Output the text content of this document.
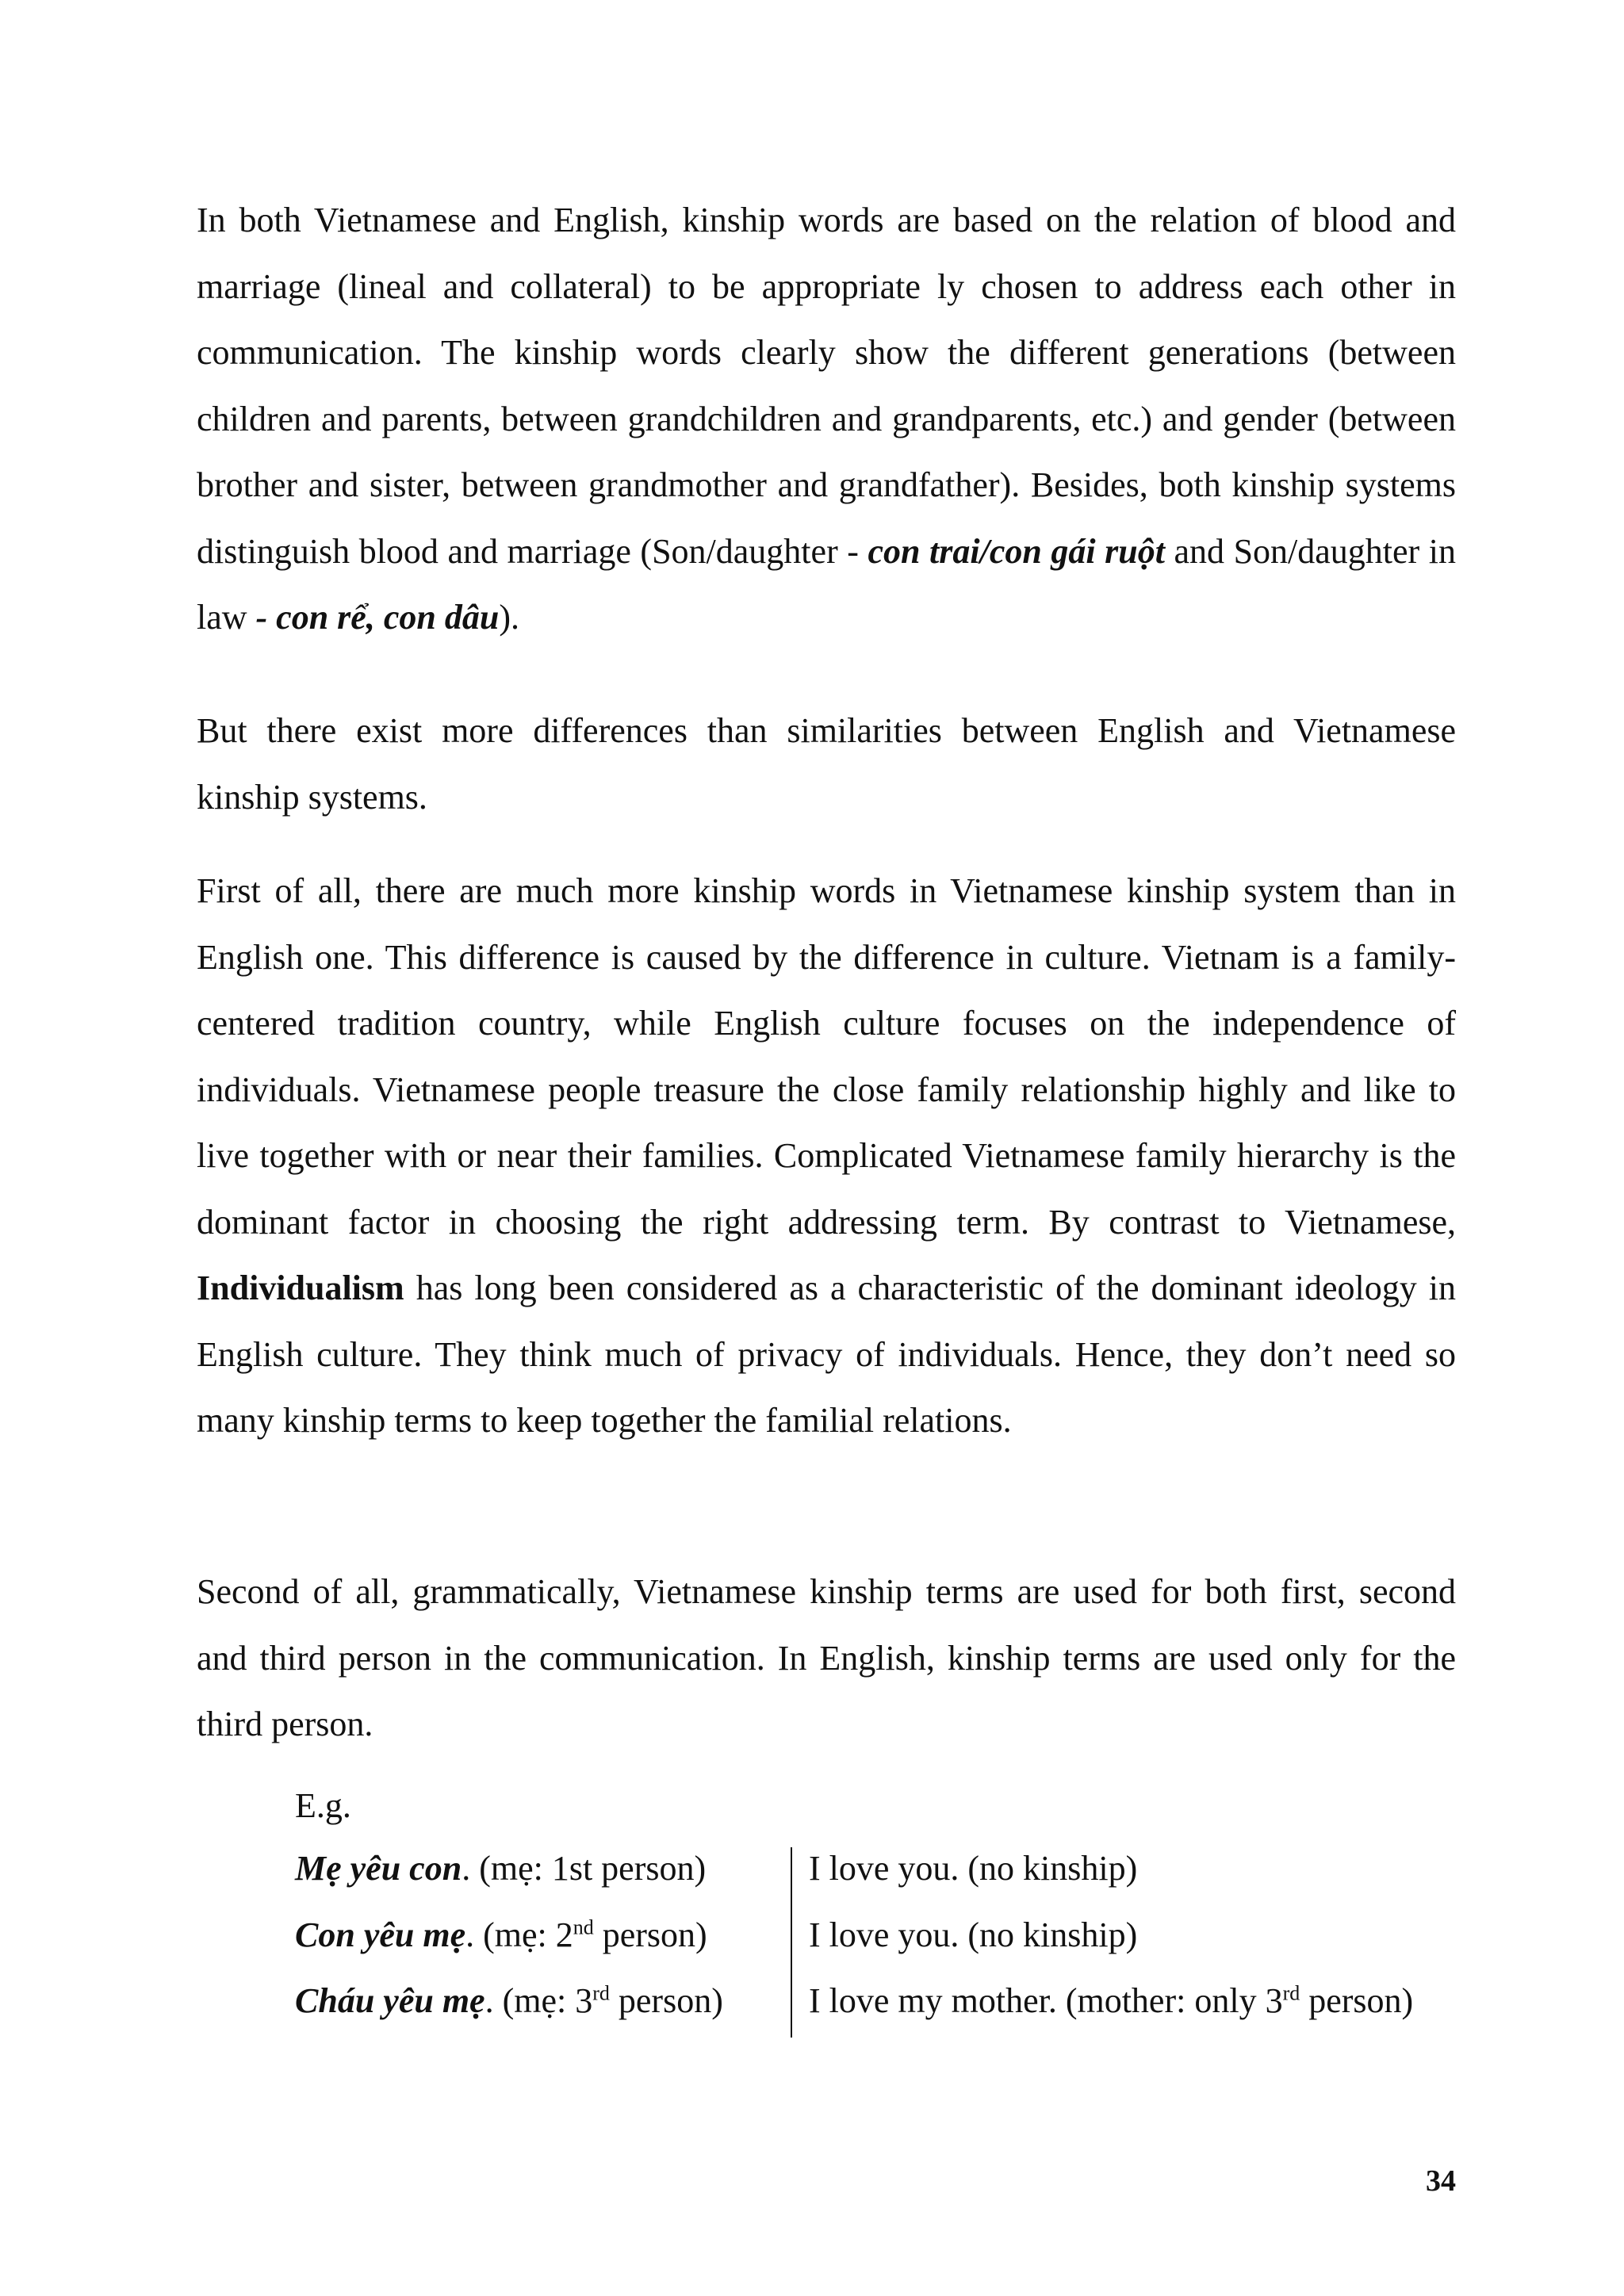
In both Vietnamese and English, kinship words are based on the relation of blood and marriage (lineal and collateral) to be appropriate ly chosen to address each other in communication. The kinship words clearly show the different generations (between children and parents, between grandchildren and grandparents, etc.) and gender (between brother and sister, between grandmother and grandfather). Besides, both kinship systems distinguish blood and marriage (Son/daughter - con trai/con gái ruột and Son/daughter in law - con rể, con dâu).

But there exist more differences than similarities between English and Vietnamese kinship systems.

First of all, there are much more kinship words in Vietnamese kinship system than in English one. This difference is caused by the difference in culture. Vietnam is a family-centered tradition country, while English culture focuses on the independence of individuals. Vietnamese people treasure the close family relationship highly and like to live together with or near their families. Complicated Vietnamese family hierarchy is the dominant factor in choosing the right addressing term. By contrast to Vietnamese, Individualism has long been considered as a characteristic of the dominant ideology in English culture. They think much of privacy of individuals. Hence, they don’t need so many kinship terms to keep together the familial relations.

Second of all, grammatically, Vietnamese kinship terms are used for both first, second and third person in the communication. In English, kinship terms are used only for the third person.

E.g.

Mẹ yêu con. (mẹ: 1st person)	I love you. (no kinship)
Con yêu mẹ. (mẹ: 2nd person)	I love you. (no kinship)
Cháu yêu mẹ. (mẹ: 3rd person) I love my mother. (mother: only 3rd person)
34
